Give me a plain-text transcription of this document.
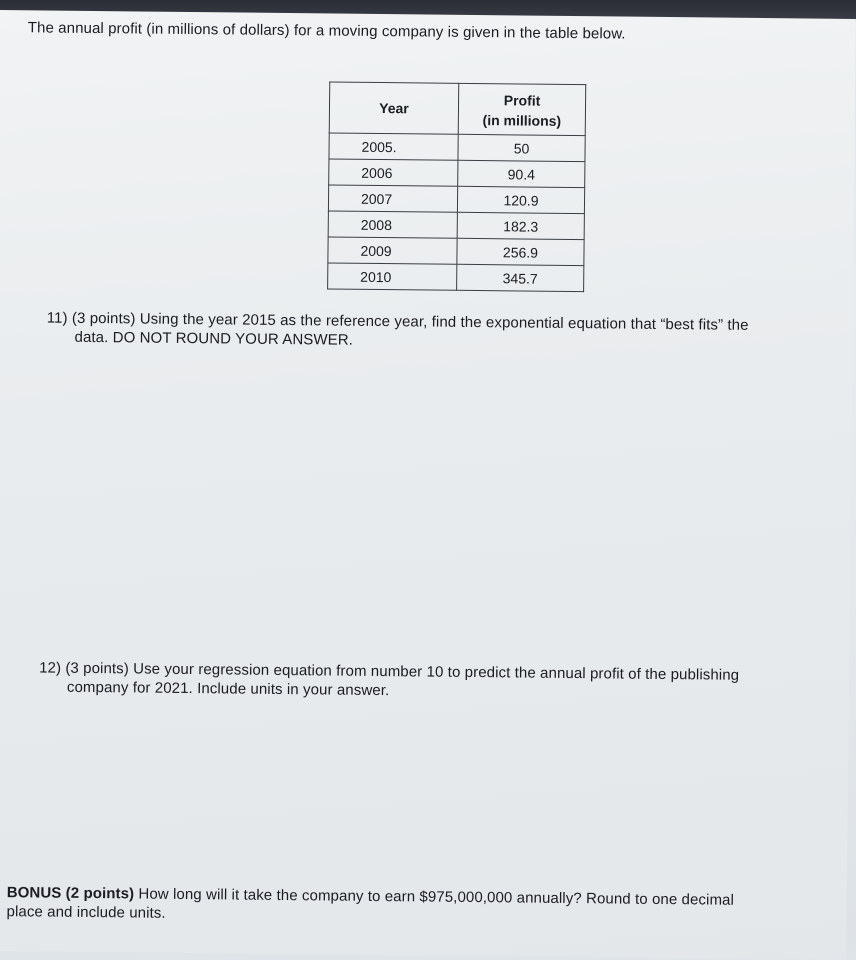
The annual profit (in millions of dollars) for a moving company is given in the table below.
Year	Profit
(in millions)

2005.	50
2006	90.4
2007	120.9
2008	182.3
2009	256.9
2010	345.7
11) (3 points) Using the year 2015 as the reference year, find the exponential equation that “best fits” the
data. DO NOT ROUND YOUR ANSWER.
12) (3 points) Use your regression equation from number 10 to predict the annual profit of the publishing
company for 2021. Include units in your answer.
BONUS (2 points) How long will it take the company to earn $975,000,000 annually? Round to one decimal
place and include units.
